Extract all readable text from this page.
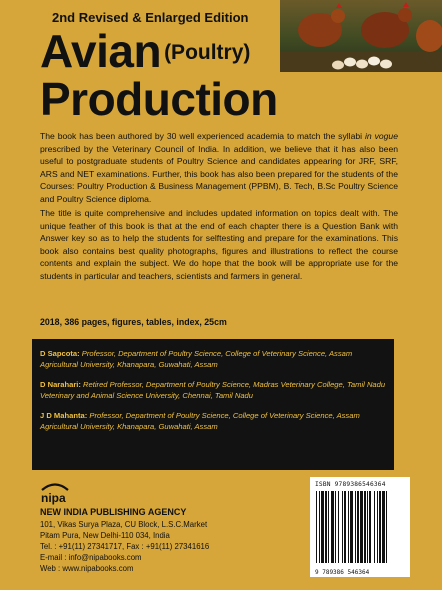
2nd Revised & Enlarged Edition
Avian (Poultry)
Production

The book has been authored by 30 well experienced academia to match the syllabi in vogue prescribed by the Veterinary Council of India. In addition, we believe that it has also been useful to postgraduate students of Poultry Science and candidates appearing for JRF, SRF, ARS and NET examinations. Further, this book has also been prepared for the students of the Courses: Poultry Production & Business Management (PPBM), B. Tech, B.Sc Poultry Science and Poultry Science diploma.

The title is quite comprehensive and includes updated information on topics dealt with. The unique feather of this book is that at the end of each chapter there is a Question Bank with Answer key so as to help the students for selftesting and prepare for the examinations. This book also contains best quality photographs, figures and illustrations to reflect the course contents and explain the subject. We do hope that the book will be appropriate use for the students in particular and teachers, scientists and farmers in general.

2018, 386 pages, figures, tables, index, 25cm
D Sapcota: Professor, Department of Poultry Science, College of Veterinary Science, Assam Agricultural University, Khanapara, Guwahati, Assam
D Narahari: Retired Professor, Department of Poultry Science, Madras Veterinary College, Tamil Nadu Veterinary and Animal Science University, Chennai, Tamil Nadu
J D Mahanta: Professor, Department of Poultry Science, College of Veterinary Science, Assam Agricultural University, Khanapara, Guwahati, Assam
nipa
NEW INDIA PUBLISHING AGENCY
101, Vikas Surya Plaza, CU Block, L.S.C.Market
Pitam Pura, New Delhi-110 034, India
Tel. : +91(11) 27341717, Fax : +91(11) 27341616
E-mail : info@nipabooks.com
Web : www.nipabooks.com
ISBN 9789386546364
9 789386 546364
